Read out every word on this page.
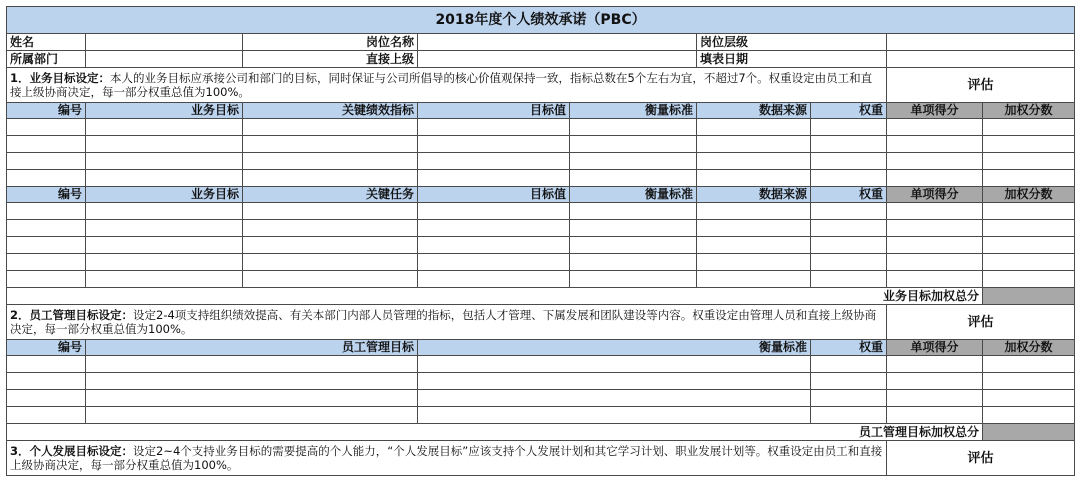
2018年度个人绩效承诺（PBC）								
姓名		岗位名称			岗位层级			
所属部门		直接上级			填表日期			
1．业务目标设定：本人的业务目标应承接公司和部门的目标，同时保证与公司所倡导的核心价值观保持一致，指标总数在5个左右为宜，不超过7个。权重设定由员工和直接上级协商决定，每一部分权重总值为100%。							评估	
编号	业务目标	关键绩效指标	目标值	衡量标准	数据来源	权重	单项得分	加权分数

编号	业务目标	关键任务	目标值	衡量标准	数据来源	权重	单项得分	加权分数

业务目标加权总分								
2．员工管理目标设定：设定2-4项支持组织绩效提高、有关本部门内部人员管理的指标，包括人才管理、下属发展和团队建设等内容。权重设定由管理人员和直接上级协商决定，每一部分权重总值为100%。							评估	
编号	员工管理目标		衡量标准			权重	单项得分	加权分数

员工管理目标加权总分								
3．个人发展目标设定：设定2~4个支持业务目标的需要提高的个人能力，“个人发展目标”应该支持个人发展计划和其它学习计划、职业发展计划等。权重设定由员工和直接上级协商决定，每一部分权重总值为100%。							评估	
